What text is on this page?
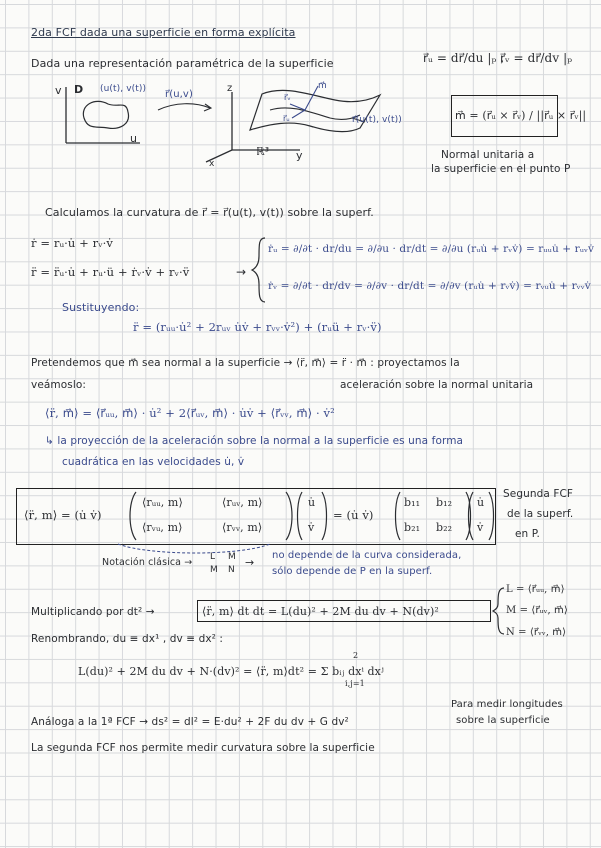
2da FCF dada una superficie en forma explícita
Dada una representación paramétrica de la superficie	r⃗ᵤ = dr⃗/du |ₚ ,
r⃗ᵥ = dr⃗/dv |ₚ
m⃗ = (r⃗ᵤ × r⃗ᵥ) / ||r⃗ᵤ × r⃗ᵥ||
Normal unitaria a
la superficie en el punto P
v
u
D (u(t), v(t)) r⃗(u,v)
z
y
x
ℝ³
m⃗
r⃗ᵥ
r⃗ᵤ	r⃗(u(t), v(t))
Calculamos la curvatura de r⃗ = r⃗(u(t), v(t)) sobre la superf.
ṙ = rᵤ·u̇ + rᵥ·v̇
r̈ = r̈ᵤ·u̇ + rᵤ·ü + ṙᵥ·v̇ + rᵥ·v̈	→
ṙᵤ = ∂/∂t · dr/du = ∂/∂u · dr/dt = ∂/∂u (rᵤu̇ + rᵥv̇) = rᵤᵤu̇ + rᵤᵥv̇
ṙᵥ = ∂/∂t · dr/dv = ∂/∂v · dr/dt = ∂/∂v (rᵤu̇ + rᵥv̇) = rᵥᵤu̇ + rᵥᵥv̇
Sustituyendo:
r̈ = (rᵤᵤ·u̇² + 2rᵤᵥ u̇v̇ + rᵥᵥ·v̇²) + (rᵤü + rᵥ·v̈)
Pretendemos que m⃗ sea normal a la superficie → ⟨r̈, m⃗⟩ = r̈ · m⃗ : proyectamos la
veámoslo:	aceleración sobre la normal unitaria
⟨r̈, m⃗⟩ = ⟨r⃗ᵤᵤ, m⃗⟩ · u̇² + 2⟨r⃗ᵤᵥ, m⃗⟩ · u̇v̇ + ⟨r⃗ᵥᵥ, m⃗⟩ · v̇²
↳ la proyección de la aceleración sobre la normal a la superficie es una forma
cuadrática en las velocidades u̇, v̇
⟨r̈, m⟩ = (u̇ v̇)
⟨rᵤᵤ, m⟩	⟨rᵤᵥ, m⟩
⟨rᵥᵤ, m⟩	⟨rᵥᵥ, m⟩
u̇
v̇
= (u̇ v̇)
b₁₁ b₁₂
b₂₁ b₂₂
u̇
v̇
Segunda FCF
de la superf.
en P.
Notación clásica → L M
M N
→
no depende de la curva considerada,
sólo depende de P en la superf.
Multiplicando por dt² →	⟨r̈, m⟩ dt dt = L(du)² + 2M du dv + N(dv)²
L = ⟨r⃗ᵤᵤ, m⃗⟩
M = ⟨r⃗ᵤᵥ, m⃗⟩
N = ⟨r⃗ᵥᵥ, m⃗⟩
Renombrando, du ≡ dx¹ , dv ≡ dx² :
L(du)² + 2M du dv + N·(dv)² = ⟨r̈, m⟩dt² = Σ bᵢⱼ dxⁱ dxʲ
2
i,j=1
Para medir longitudes
sobre la superficie
Análoga a la 1ª FCF → ds² = dl² = E·du² + 2F du dv + G dv²
La segunda FCF nos permite medir curvatura sobre la superficie
